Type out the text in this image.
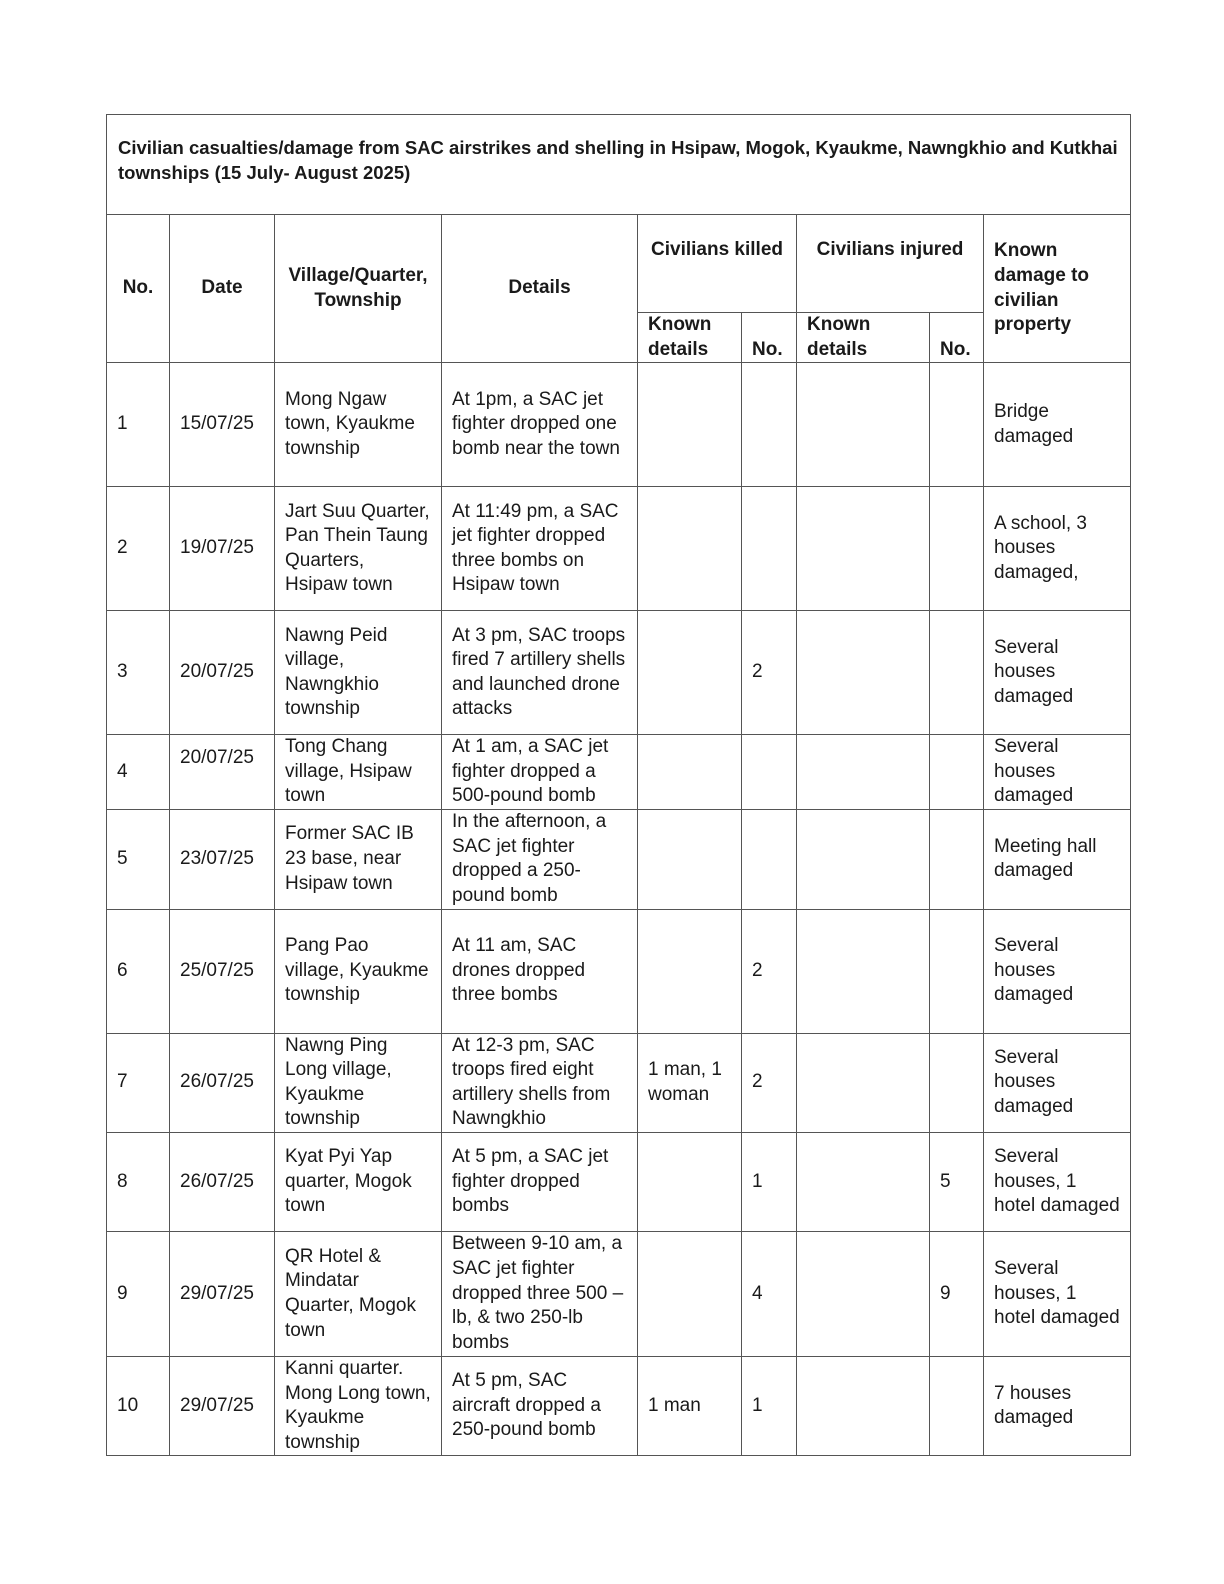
Civilian casualties/damage from SAC airstrikes and shelling in Hsipaw, Mogok, Kyaukme, Nawngkhio and Kutkhai townships (15 July- August 2025)								

No.	Date	Village/Quarter, Township	Details	Civilians killed		Civilians injured		Known damage to civilian property
				Known details	No.	Known details	No.	
1	15/07/25	Mong Ngaw town, Kyaukme township	At 1pm, a SAC jet fighter dropped one bomb near the town					Bridge damaged
2	19/07/25	Jart Suu Quarter, Pan Thein Taung Quarters, Hsipaw town	At 11:49 pm, a SAC jet fighter dropped three bombs on Hsipaw town					A school, 3 houses damaged,
3	20/07/25	Nawng Peid village, Nawngkhio township	At 3 pm, SAC troops fired 7 artillery shells and launched drone attacks		2			Several houses damaged
4	20/07/25	Tong Chang village, Hsipaw town	At 1 am, a SAC jet fighter dropped a 500-pound bomb					Several houses damaged
5	23/07/25	Former SAC IB 23 base, near Hsipaw town	In the afternoon, a SAC jet fighter dropped a 250-pound bomb					Meeting hall damaged
6	25/07/25	Pang Pao village, Kyaukme township	At 11 am, SAC drones dropped three bombs		2			Several houses damaged
7	26/07/25	Nawng Ping Long village, Kyaukme township	At 12-3 pm, SAC troops fired eight artillery shells from Nawngkhio	1 man, 1 woman	2			Several houses damaged
8	26/07/25	Kyat Pyi Yap quarter, Mogok town	At 5 pm, a SAC jet fighter dropped bombs		1		5	Several houses, 1 hotel damaged
9	29/07/25	QR Hotel & Mindatar Quarter, Mogok town	Between 9-10 am, a SAC jet fighter dropped three 500 –lb, & two 250-lb bombs		4		9	Several houses, 1 hotel damaged
10	29/07/25	Kanni quarter. Mong Long town, Kyaukme township	At 5 pm, SAC aircraft dropped a 250-pound bomb	1 man	1			7 houses damaged
